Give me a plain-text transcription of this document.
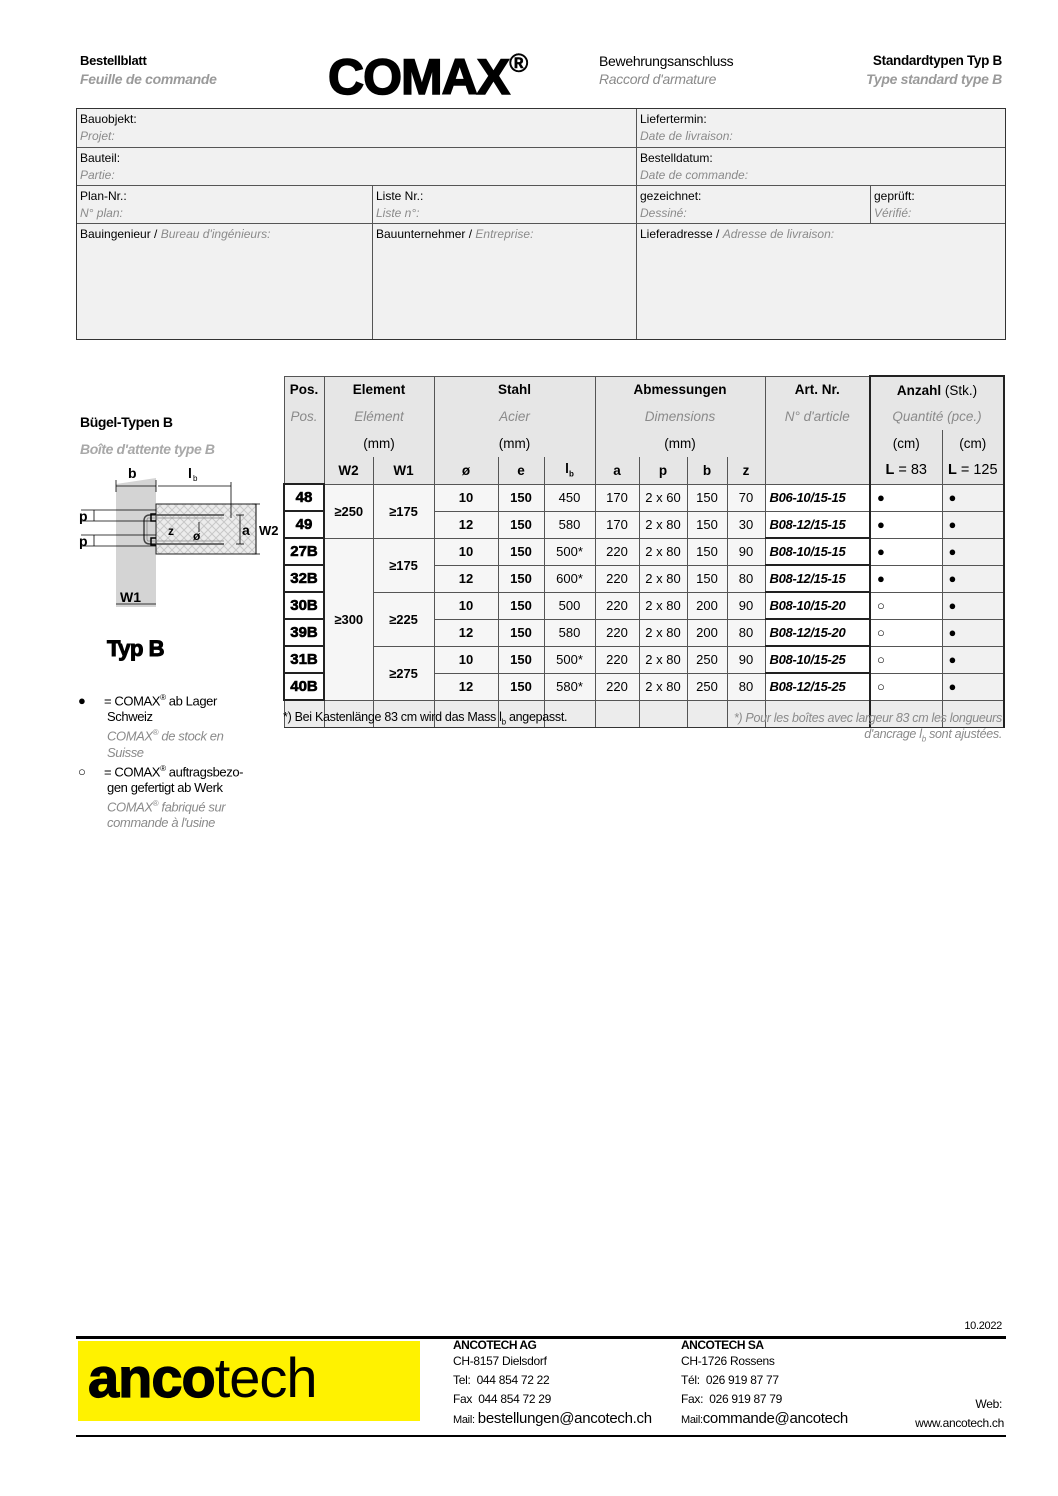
Bestellblatt
Feuille de commande COMAX®	Bewehrungsanschluss
Raccord d'armature
Standardtypen Typ B
Type standard type B
Bauobjekt:
Projet:
Liefertermin:
Date de livraison:
Bauteil:
Partie:
Bestelldatum:
Date de commande:
Plan-Nr.:
N° plan:
Liste Nr.:
Liste n°:
gezeichnet:
Dessiné:
geprüft:
Vérifié:
Bauingenieur / Bureau d'ingénieurs:	Bauunternehmer / Entreprise:	Lieferadresse / Adresse de livraison:
Bügel-Typen B
Boîte d'attente type B
b	l b
p
p
z ø	a W2
W1
Typ B
● = COMAX® ab Lager
Schweiz
COMAX® de stock en
Suisse
○ = COMAX® auftragsbezo-
gen gefertigt ab Werk
COMAX® fabriqué sur
commande à l'usine
Pos.	Element		Stahl			Abmessungen				Art. Nr.	Anzahl (Stk.)	
Pos.	Elément		Acier			Dimensions				N° d'article	Quantité (pce.)	
	(mm)		(mm)			(mm)					(cm)	(cm)
	W2	W1	ø	e	$l_b$	a	p	b	z		L = 83	L = 125
48	≥250	≥175	10	150	450	170	2 x 60	150	70	B06-10/15-15	●	●
49			12	150	580	170	2 x 80	150	30	B08-12/15-15	●	●
27B	≥300	≥175	10	150	500*	220	2 x 80	150	90	B08-10/15-15	●	●
32B			12	150	600*	220	2 x 80	150	80	B08-12/15-15	●	●
30B		≥225	10	150	500	220	2 x 80	200	90	B08-10/15-20	○	●
39B			12	150	580	220	2 x 80	200	80	B08-12/15-20	○	●
31B		≥275	10	150	500*	220	2 x 80	250	90	B08-10/15-25	○	●
40B			12	150	580*	220	2 x 80	250	80	B08-12/15-25	○	●

*) Bei Kastenlänge 83 cm wird das Mass $l_b$ angepasst.	*) Pour les boîtes avec largeur 83 cm les longueurs
d'ancrage $l_b$ sont ajustées.
10.2022
ancotech
ANCOTECH AG
CH-8157 Dielsdorf
Tel: 044 854 72 22
Fax 044 854 72 29
Mail: bestellungen@ancotech.ch
ANCOTECH SA
CH-1726 Rossens
Tél: 026 919 87 77
Fax: 026 919 87 79
Mail:commande@ancotech
Web:
www.ancotech.ch
